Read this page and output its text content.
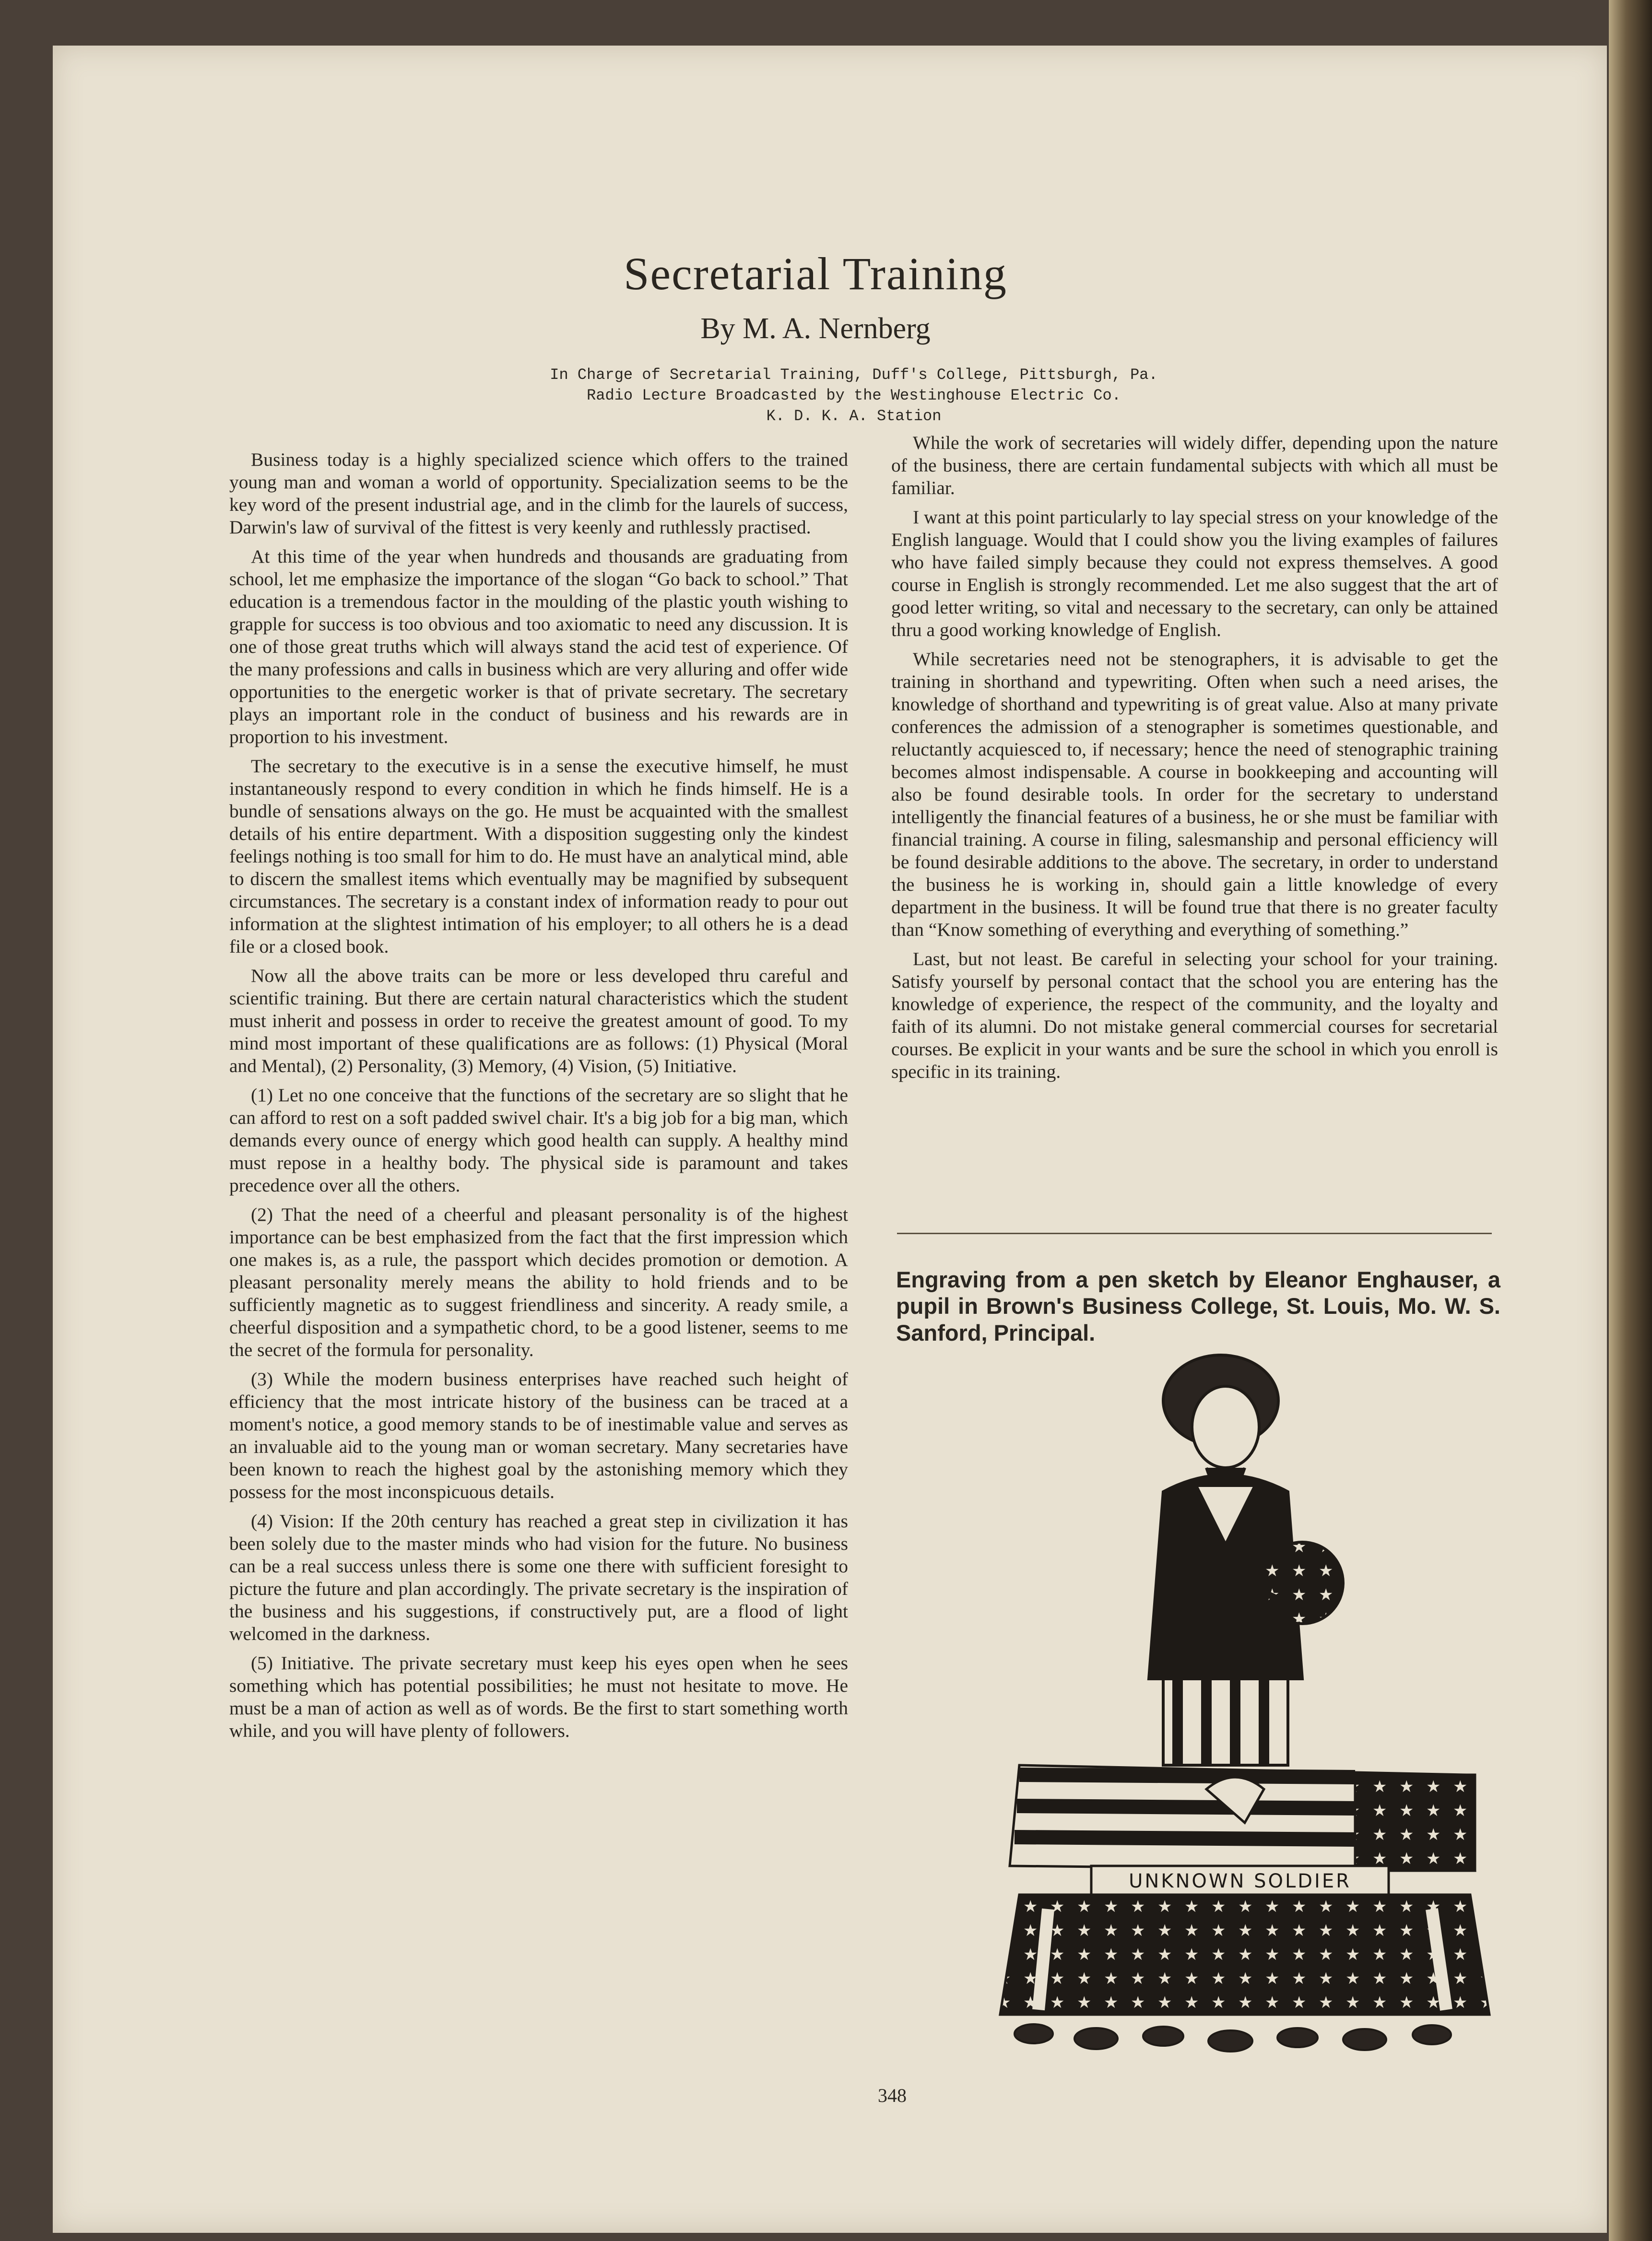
Secretarial Training

By M. A. Nernberg

In Charge of Secretarial Training, Duff's College, Pittsburgh, Pa.
Radio Lecture Broadcasted by the Westinghouse Electric Co.
K. D. K. A. Station

Business today is a highly specialized science which offers to the trained young man and woman a world of opportunity. Specialization seems to be the key word of the present industrial age, and in the climb for the laurels of success, Darwin's law of survival of the fittest is very keenly and ruthlessly practised.

At this time of the year when hundreds and thousands are graduating from school, let me emphasize the importance of the slogan “Go back to school.” That education is a tremendous factor in the moulding of the plastic youth wishing to grapple for success is too obvious and too axiomatic to need any discussion. It is one of those great truths which will always stand the acid test of experience. Of the many professions and calls in business which are very alluring and offer wide opportunities to the energetic worker is that of private secretary. The secretary plays an important role in the conduct of business and his rewards are in proportion to his investment.

The secretary to the executive is in a sense the executive himself, he must instantaneously respond to every condition in which he finds himself. He is a bundle of sensations always on the go. He must be acquainted with the smallest details of his entire department. With a disposition suggesting only the kindest feelings nothing is too small for him to do. He must have an analytical mind, able to discern the smallest items which eventually may be magnified by subsequent circumstances. The secretary is a constant index of information ready to pour out information at the slightest intimation of his employer; to all others he is a dead file or a closed book.

Now all the above traits can be more or less developed thru careful and scientific training. But there are certain natural characteristics which the student must inherit and possess in order to receive the greatest amount of good. To my mind most important of these qualifications are as follows: (1) Physical (Moral and Mental), (2) Personality, (3) Memory, (4) Vision, (5) Initiative.

(1) Let no one conceive that the functions of the secretary are so slight that he can afford to rest on a soft padded swivel chair. It's a big job for a big man, which demands every ounce of energy which good health can supply. A healthy mind must repose in a healthy body. The physical side is paramount and takes precedence over all the others.

(2) That the need of a cheerful and pleasant personality is of the highest importance can be best emphasized from the fact that the first impression which one makes is, as a rule, the passport which decides promotion or demotion. A pleasant personality merely means the ability to hold friends and to be sufficiently magnetic as to suggest friendliness and sincerity. A ready smile, a cheerful disposition and a sympathetic chord, to be a good listener, seems to me the secret of the formula for personality.

(3) While the modern business enterprises have reached such height of efficiency that the most intricate history of the business can be traced at a moment's notice, a good memory stands to be of inestimable value and serves as an invaluable aid to the young man or woman secretary. Many secretaries have been known to reach the highest goal by the astonishing memory which they possess for the most inconspicuous details.

(4) Vision: If the 20th century has reached a great step in civilization it has been solely due to the master minds who had vision for the future. No business can be a real success unless there is some one there with sufficient foresight to picture the future and plan accordingly. The private secretary is the inspiration of the business and his suggestions, if constructively put, are a flood of light welcomed in the darkness.

(5) Initiative. The private secretary must keep his eyes open when he sees something which has potential possibilities; he must not hesitate to move. He must be a man of action as well as of words. Be the first to start something worth while, and you will have plenty of followers.

While the work of secretaries will widely differ, depending upon the nature of the business, there are certain fundamental subjects with which all must be familiar.

I want at this point particularly to lay special stress on your knowledge of the English language. Would that I could show you the living examples of failures who have failed simply because they could not express themselves. A good course in English is strongly recommended. Let me also suggest that the art of good letter writing, so vital and necessary to the secretary, can only be attained thru a good working knowledge of English.

While secretaries need not be stenographers, it is advisable to get the training in shorthand and typewriting. Often when such a need arises, the knowledge of shorthand and typewriting is of great value. Also at many private conferences the admission of a stenographer is sometimes questionable, and reluctantly acquiesced to, if necessary; hence the need of stenographic training becomes almost indispensable. A course in bookkeeping and accounting will also be found desirable tools. In order for the secretary to understand intelligently the financial features of a business, he or she must be familiar with financial training. A course in filing, salesmanship and personal efficiency will be found desirable additions to the above. The secretary, in order to understand the business he is working in, should gain a little knowledge of every department in the business. It will be found true that there is no greater faculty than “Know something of everything and everything of something.”

Last, but not least. Be careful in selecting your school for your training. Satisfy yourself by personal contact that the school you are entering has the knowledge of experience, the respect of the community, and the loyalty and faith of its alumni. Do not mistake general commercial courses for secretarial courses. Be explicit in your wants and be sure the school in which you enroll is specific in its training.

Engraving from a pen sketch by Eleanor Enghauser, a pupil in Brown's Business College, St. Louis, Mo. W. S. Sanford, Principal.
UNKNOWN SOLDIER
348
